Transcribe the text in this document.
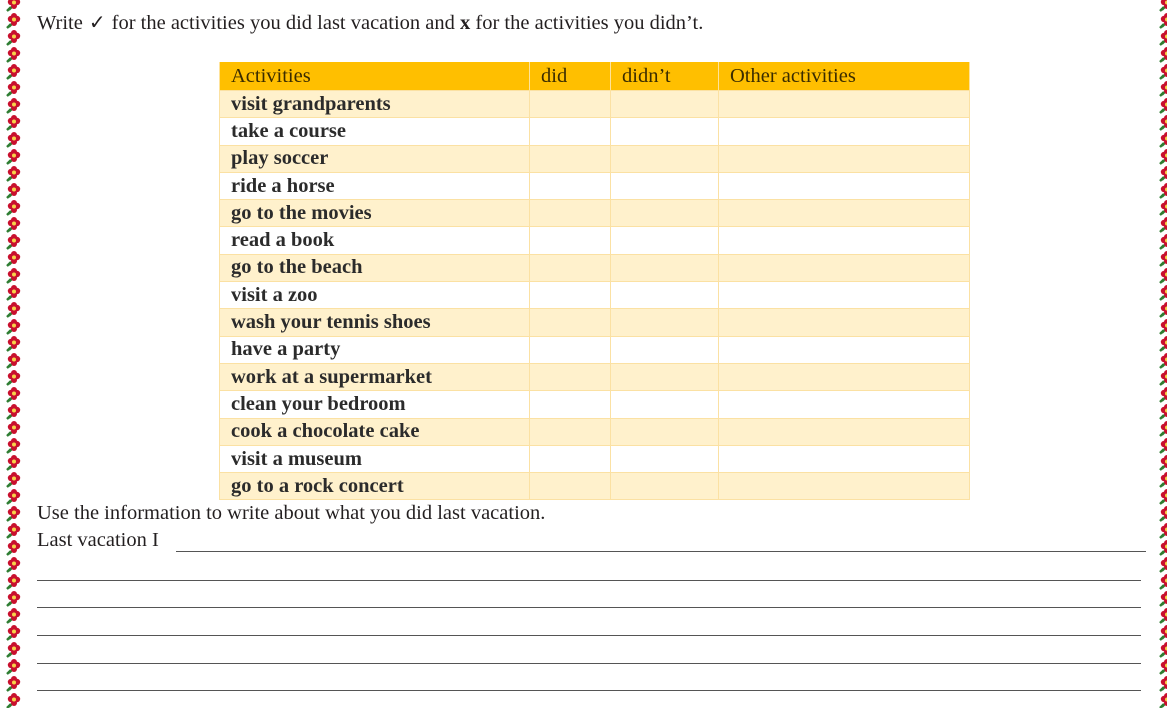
Write ✓ for the activities you did last vacation and x for the activities you didn’t.
Activities	did	didn’t	Other activities
visit grandparents			
take a course			
play soccer			
ride a horse			
go to the movies			
read a book			
go to the beach			
visit a zoo			
wash your tennis shoes			
have a party			
work at a supermarket			
clean your bedroom			
cook a chocolate cake			
visit a museum			
go to a rock concert			
Use the information to write about what you did last vacation.
Last vacation I
